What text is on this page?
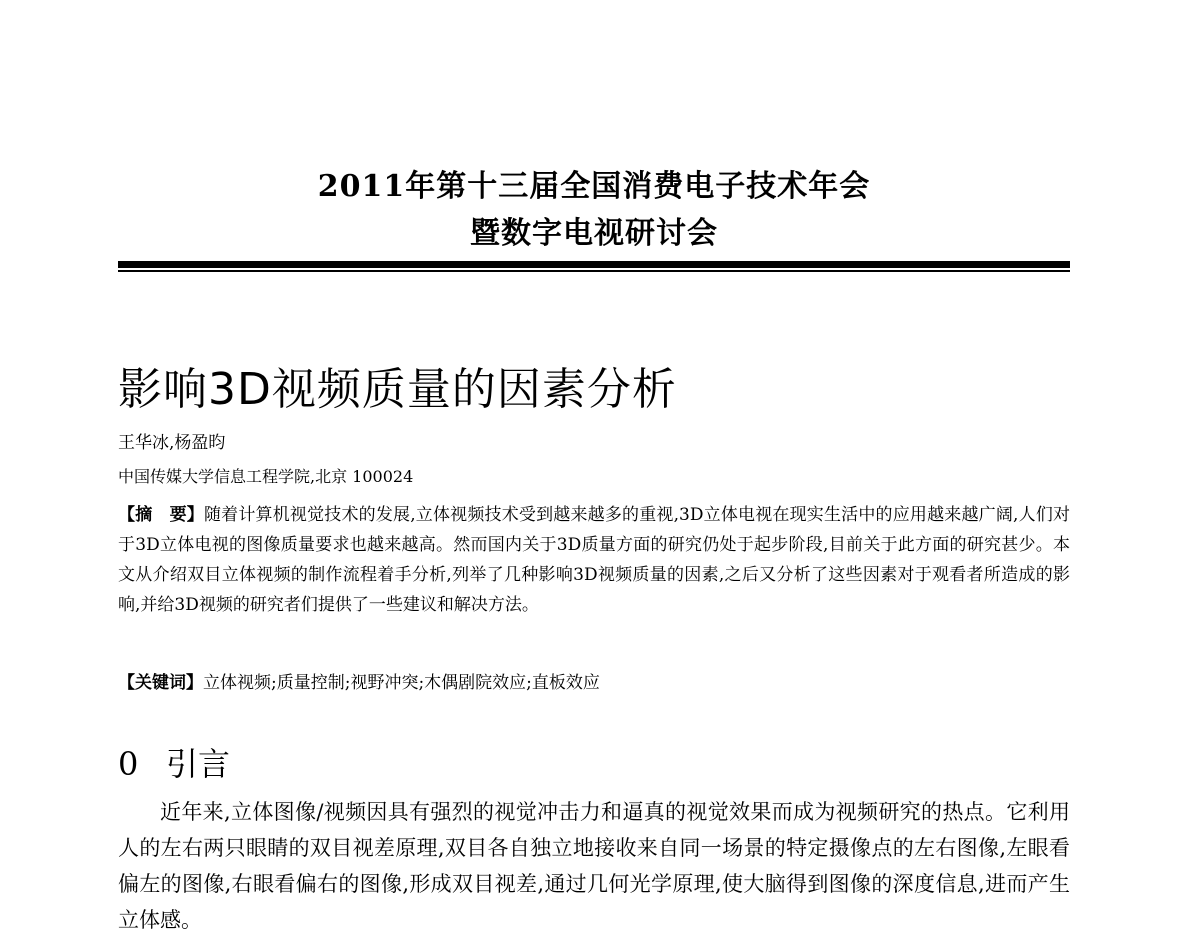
2011年第十三届全国消费电子技术年会
暨数字电视研讨会
影响3D视频质量的因素分析
王华冰,杨盈昀
中国传媒大学信息工程学院,北京 100024
【摘　要】随着计算机视觉技术的发展,立体视频技术受到越来越多的重视,3D立体电视在现实生活中的应用越来越广阔,人们对于3D立体电视的图像质量要求也越来越高。然而国内关于3D质量方面的研究仍处于起步阶段,目前关于此方面的研究甚少。本文从介绍双目立体视频的制作流程着手分析,列举了几种影响3D视频质量的因素,之后又分析了这些因素对于观看者所造成的影响,并给3D视频的研究者们提供了一些建议和解决方法。
【关键词】立体视频;质量控制;视野冲突;木偶剧院效应;直板效应
0 引言

近年来,立体图像/视频因具有强烈的视觉冲击力和逼真的视觉效果而成为视频研究的热点。它利用人的左右两只眼睛的双目视差原理,双目各自独立地接收来自同一场景的特定摄像点的左右图像,左眼看偏左的图像,右眼看偏右的图像,形成双目视差,通过几何光学原理,使大脑得到图像的深度信息,进而产生立体感。
